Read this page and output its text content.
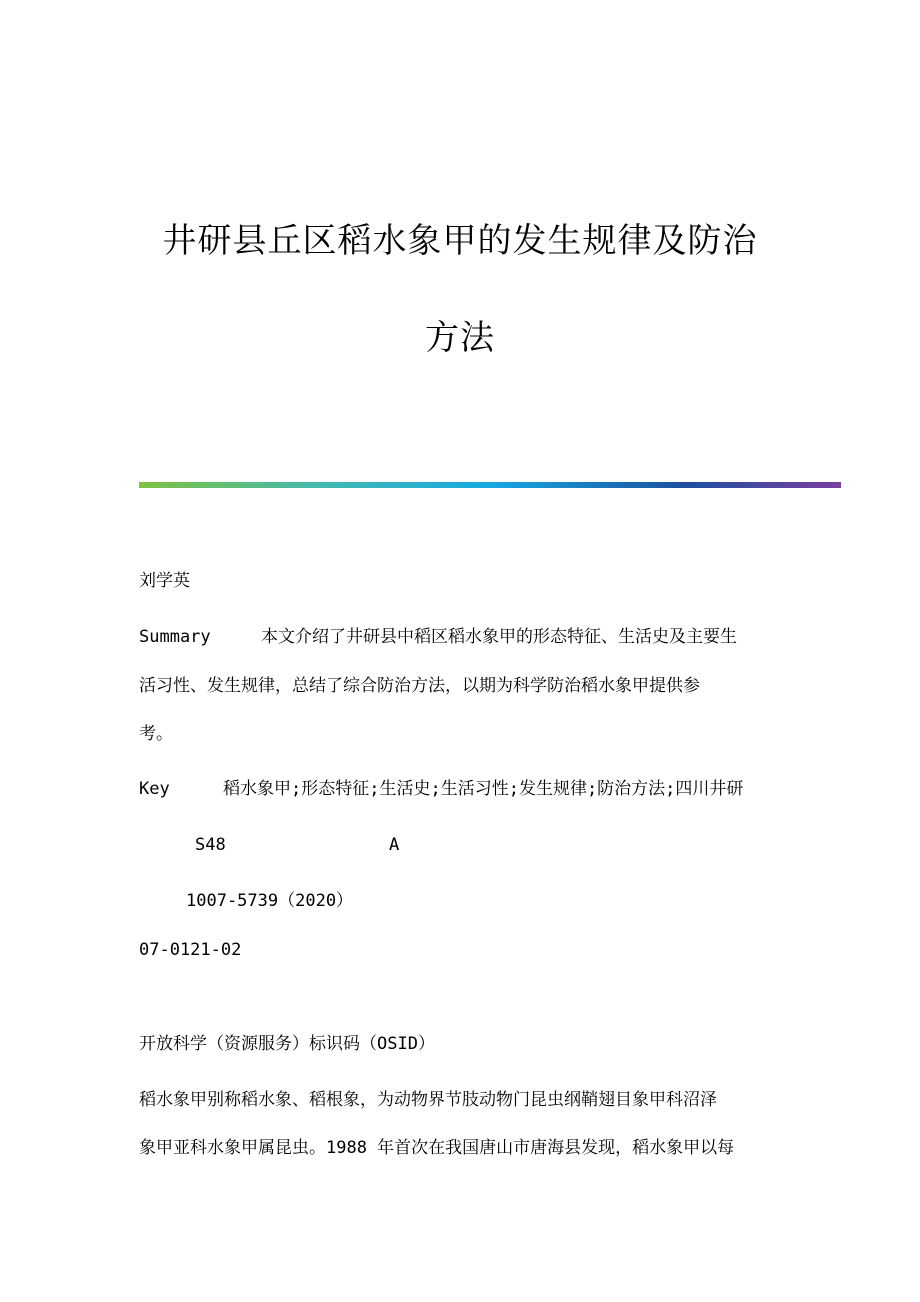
井研县丘区稻水象甲的发生规律及防治
方法
刘学英
Summary	本文介绍了井研县中稻区稻水象甲的形态特征、生活史及主要生
活习性、发生规律，总结了综合防治方法，以期为科学防治稻水象甲提供参
考。
Key	稻水象甲;形态特征;生活史;生活习性;发生规律;防治方法;四川井研
S48	A
1007-5739（2020）
07-0121-02
开放科学（资源服务）标识码（OSID）
稻水象甲别称稻水象、稻根象，为动物界节肢动物门昆虫纲鞘翅目象甲科沼泽
象甲亚科水象甲属昆虫。1988 年首次在我国唐山市唐海县发现，稻水象甲以每
